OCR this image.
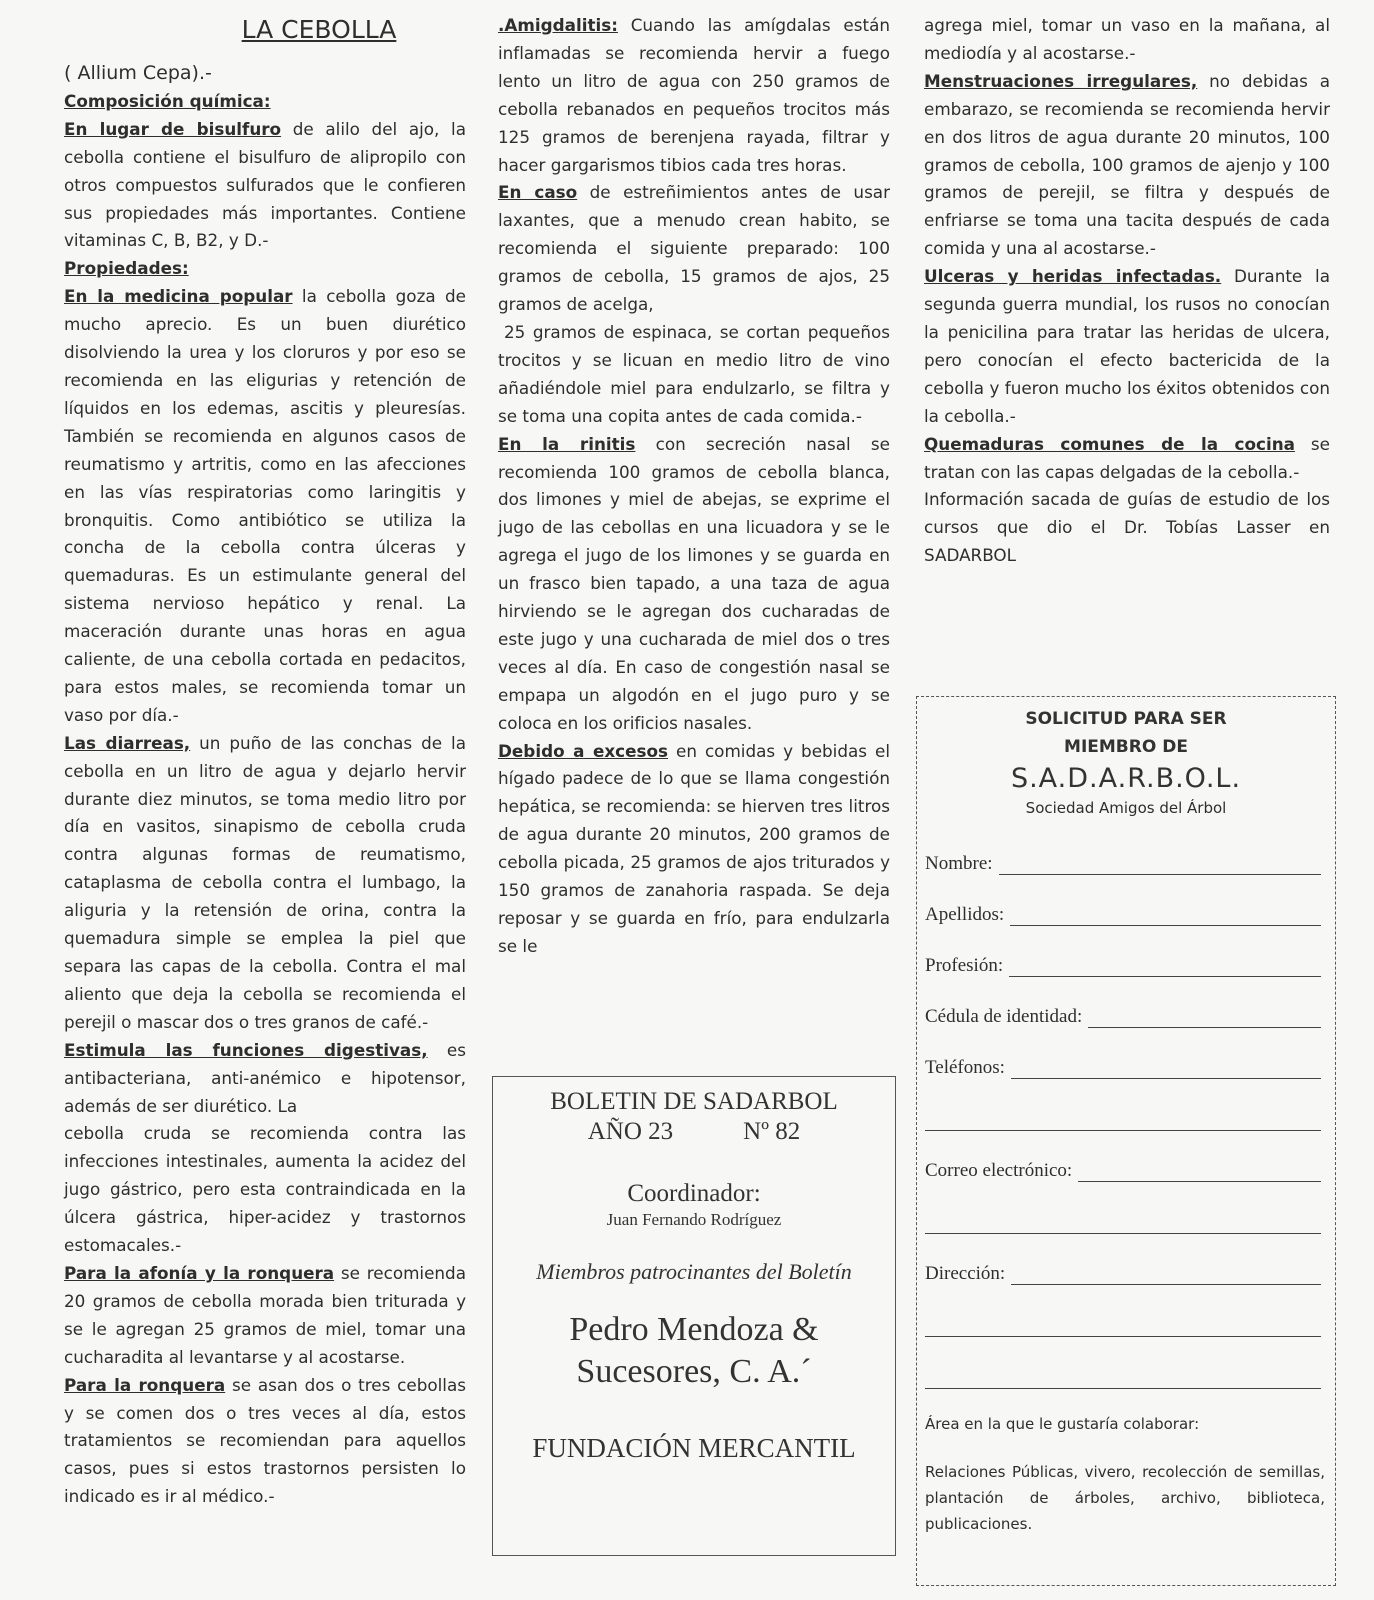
LA CEBOLLA

( Allium Cepa).-

Composición química:

En lugar de bisulfuro de alilo del ajo, la cebolla contiene el bisulfuro de alipropilo con otros compuestos sulfurados que le confieren sus propiedades más importantes. Contiene vitaminas C, B, B2, y D.-

Propiedades:

En la medicina popular la cebolla goza de mucho aprecio. Es un buen diurético disolviendo la urea y los cloruros y por eso se recomienda en las eligurias y retención de líquidos en los edemas, ascitis y pleuresías. También se recomienda en algunos casos de reumatismo y artritis, como en las afecciones en las vías respiratorias como laringitis y bronquitis. Como antibiótico se utiliza la concha de la cebolla contra úlceras y quemaduras. Es un estimulante general del sistema nervioso hepático y renal. La maceración durante unas horas en agua caliente, de una cebolla cortada en pedacitos, para estos males, se recomienda tomar un vaso por día.-

Las diarreas, un puño de las conchas de la cebolla en un litro de agua y dejarlo hervir durante diez minutos, se toma medio litro por día en vasitos, sinapismo de cebolla cruda contra algunas formas de reumatismo, cataplasma de cebolla contra el lumbago, la aliguria y la retensión de orina, contra la quemadura simple se emplea la piel que separa las capas de la cebolla. Contra el mal aliento que deja la cebolla se recomienda el perejil o mascar dos o tres granos de café.-

Estimula las funciones digestivas, es antibacteriana, anti-anémico e hipotensor, además de ser diurético. La

cebolla cruda se recomienda contra las infecciones intestinales, aumenta la acidez del jugo gástrico, pero esta contraindicada en la úlcera gástrica, hiper-acidez y trastornos estomacales.-

Para la afonía y la ronquera se recomienda 20 gramos de cebolla morada bien triturada y se le agregan 25 gramos de miel, tomar una cucharadita al levantarse y al acostarse.

Para la ronquera se asan dos o tres cebollas y se comen dos o tres veces al día, estos tratamientos se recomiendan para aquellos casos, pues si estos trastornos persisten lo indicado es ir al médico.-

.Amigdalitis: Cuando las amígdalas están inflamadas se recomienda hervir a fuego lento un litro de agua con 250 gramos de cebolla rebanados en pequeños trocitos más 125 gramos de berenjena rayada, filtrar y hacer gargarismos tibios cada tres horas.

En caso de estreñimientos antes de usar laxantes, que a menudo crean habito, se recomienda el siguiente preparado: 100 gramos de cebolla, 15 gramos de ajos, 25 gramos de acelga,

25 gramos de espinaca, se cortan pequeños trocitos y se licuan en medio litro de vino añadiéndole miel para endulzarlo, se filtra y se toma una copita antes de cada comida.-

En la rinitis con secreción nasal se recomienda 100 gramos de cebolla blanca, dos limones y miel de abejas, se exprime el jugo de las cebollas en una licuadora y se le agrega el jugo de los limones y se guarda en un frasco bien tapado, a una taza de agua hirviendo se le agregan dos cucharadas de este jugo y una cucharada de miel dos o tres veces al día. En caso de congestión nasal se empapa un algodón en el jugo puro y se coloca en los orificios nasales.

Debido a excesos en comidas y bebidas el hígado padece de lo que se llama congestión hepática, se recomienda: se hierven tres litros de agua durante 20 minutos, 200 gramos de cebolla picada, 25 gramos de ajos triturados y 150 gramos de zanahoria raspada. Se deja reposar y se guarda en frío, para endulzarla se le

BOLETIN DE SADARBOL
AÑO 23	Nº 82
Coordinador:
Juan Fernando Rodríguez
Miembros patrocinantes del Boletín
Pedro Mendoza &
Sucesores, C. A.´
FUNDACIÓN MERCANTIL

agrega miel, tomar un vaso en la mañana, al mediodía y al acostarse.-

Menstruaciones irregulares, no debidas a embarazo, se recomienda se recomienda hervir en dos litros de agua durante 20 minutos, 100 gramos de cebolla, 100 gramos de ajenjo y 100 gramos de perejil, se filtra y después de enfriarse se toma una tacita después de cada comida y una al acostarse.-

Ulceras y heridas infectadas. Durante la segunda guerra mundial, los rusos no conocían la penicilina para tratar las heridas de ulcera, pero conocían el efecto bactericida de la cebolla y fueron mucho los éxitos obtenidos con la cebolla.-

Quemaduras comunes de la cocina se tratan con las capas delgadas de la cebolla.-

Información sacada de guías de estudio de los cursos que dio el Dr. Tobías Lasser en SADARBOL

SOLICITUD PARA SER
MIEMBRO DE
S.A.D.A.R.B.O.L.
Sociedad Amigos del Árbol
Nombre:
Apellidos:
Profesión:
Cédula de identidad:
Teléfonos:
Correo electrónico:
Dirección:
Área en la que le gustaría colaborar:
Relaciones Públicas, vivero, recolección de semillas, plantación de árboles, archivo, biblioteca, publicaciones.
